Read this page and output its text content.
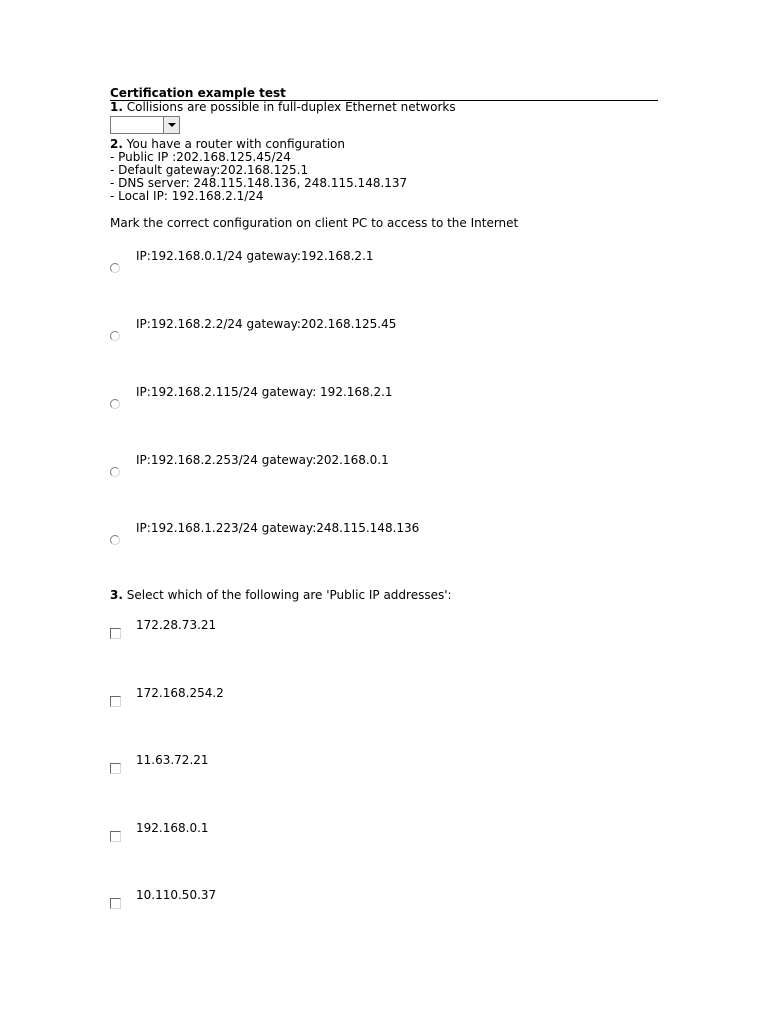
Certification example test
1. Collisions are possible in full-duplex Ethernet networks
2. You have a router with configuration
- Public IP :202.168.125.45/24
- Default gateway:202.168.125.1
- DNS server: 248.115.148.136, 248.115.148.137
- Local IP: 192.168.2.1/24
Mark the correct configuration on client PC to access to the Internet
IP:192.168.0.1/24 gateway:192.168.2.1
IP:192.168.2.2/24 gateway:202.168.125.45
IP:192.168.2.115/24 gateway: 192.168.2.1
IP:192.168.2.253/24 gateway:202.168.0.1
IP:192.168.1.223/24 gateway:248.115.148.136
3. Select which of the following are 'Public IP addresses':
172.28.73.21
172.168.254.2
11.63.72.21
192.168.0.1
10.110.50.37
